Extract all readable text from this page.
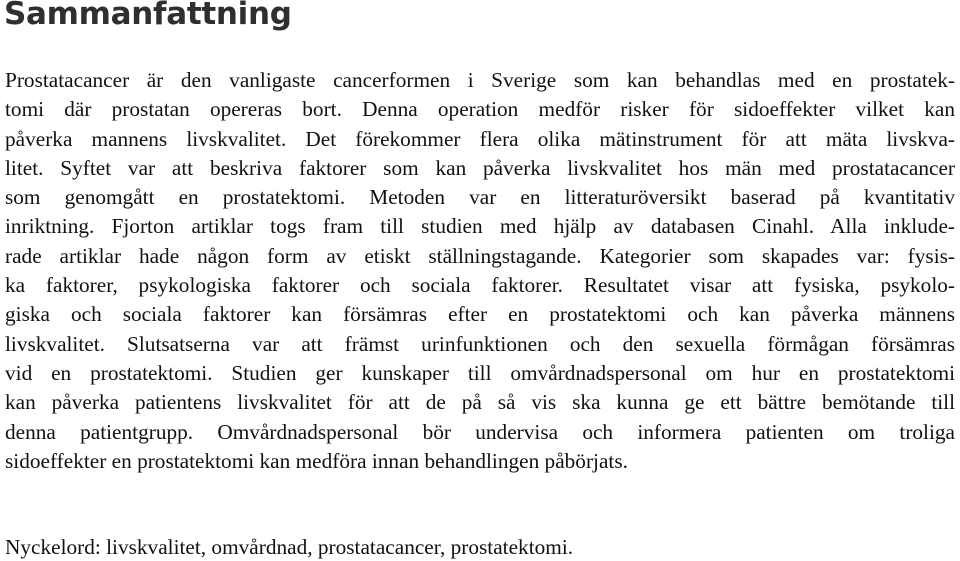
Sammanfattning
Prostatacancer är den vanligaste cancerformen i Sverige som kan behandlas med en prostatek-
tomi där prostatan opereras bort. Denna operation medför risker för sidoeffekter vilket kan
påverka mannens livskvalitet. Det förekommer flera olika mätinstrument för att mäta livskva-
litet. Syftet var att beskriva faktorer som kan påverka livskvalitet hos män med prostatacancer
som genomgått en prostatektomi. Metoden var en litteraturöversikt baserad på kvantitativ
inriktning. Fjorton artiklar togs fram till studien med hjälp av databasen Cinahl. Alla inklude-
rade artiklar hade någon form av etiskt ställningstagande. Kategorier som skapades var: fysis-
ka faktorer, psykologiska faktorer och sociala faktorer. Resultatet visar att fysiska, psykolo-
giska och sociala faktorer kan försämras efter en prostatektomi och kan påverka männens
livskvalitet. Slutsatserna var att främst urinfunktionen och den sexuella förmågan försämras
vid en prostatektomi. Studien ger kunskaper till omvårdnadspersonal om hur en prostatektomi
kan påverka patientens livskvalitet för att de på så vis ska kunna ge ett bättre bemötande till
denna patientgrupp. Omvårdnadspersonal bör undervisa och informera patienten om troliga
sidoeffekter en prostatektomi kan medföra innan behandlingen påbörjats.

Nyckelord: livskvalitet, omvårdnad, prostatacancer, prostatektomi.
